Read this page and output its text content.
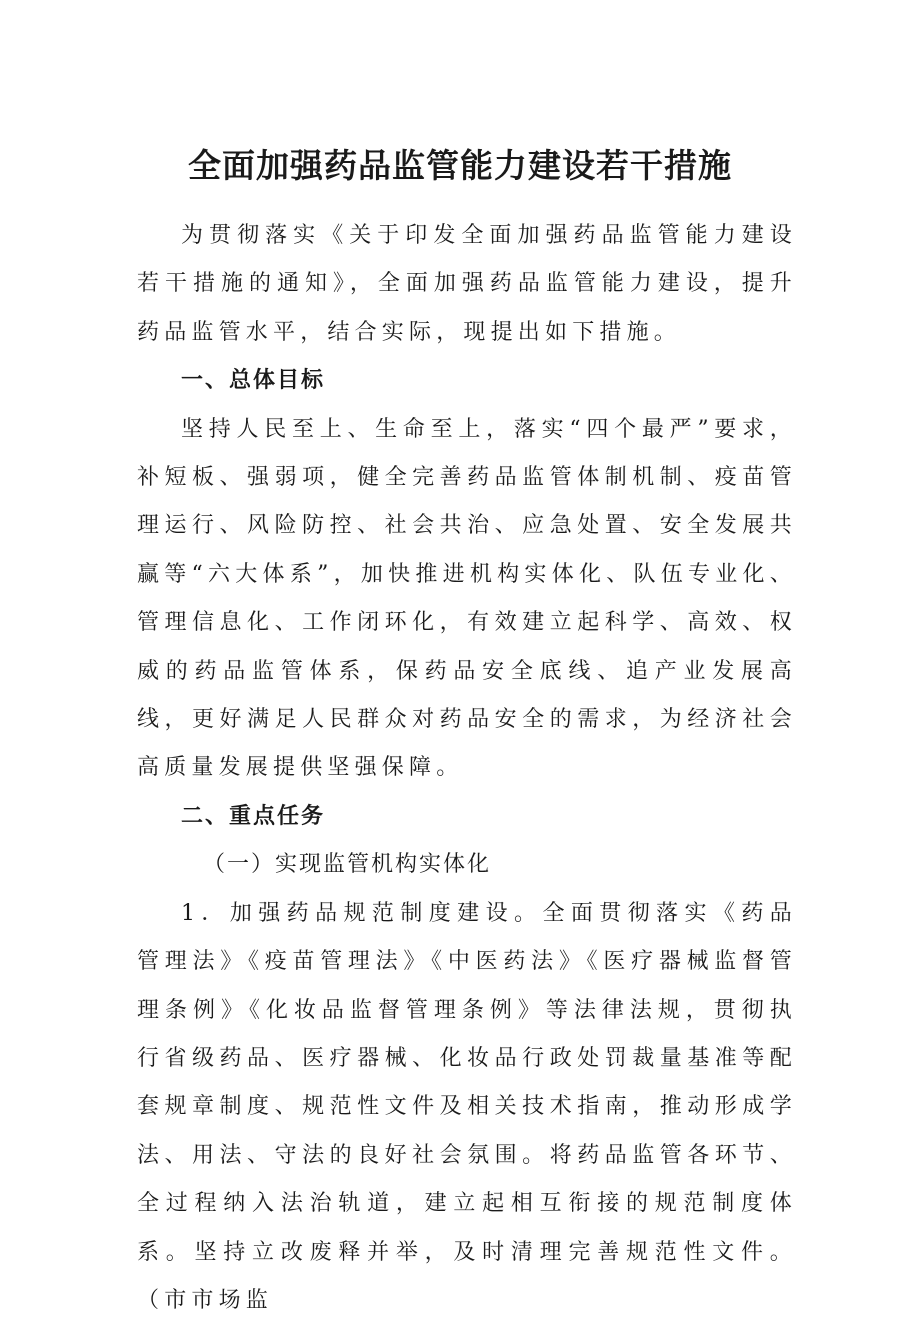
全面加强药品监管能力建设若干措施

为贯彻落实《关于印发全面加强药品监管能力建设若干措施的通知》，全面加强药品监管能力建设，提升药品监管水平，结合实际，现提出如下措施。

一、总体目标

坚持人民至上、生命至上，落实“四个最严”要求，补短板、强弱项，健全完善药品监管体制机制、疫苗管理运行、风险防控、社会共治、应急处置、安全发展共赢等“六大体系”，加快推进机构实体化、队伍专业化、管理信息化、工作闭环化，有效建立起科学、高效、权威的药品监管体系，保药品安全底线、追产业发展高线，更好满足人民群众对药品安全的需求，为经济社会高质量发展提供坚强保障。

二、重点任务

（一）实现监管机构实体化

1．加强药品规范制度建设。全面贯彻落实《药品管理法》《疫苗管理法》《中医药法》《医疗器械监督管理条例》《化妆品监督管理条例》等法律法规，贯彻执行省级药品、医疗器械、化妆品行政处罚裁量基准等配套规章制度、规范性文件及相关技术指南，推动形成学法、用法、守法的良好社会氛围。将药品监管各环节、全过程纳入法治轨道，建立起相互衔接的规范制度体系。坚持立改废释并举，及时清理完善规范性文件。（市市场监
